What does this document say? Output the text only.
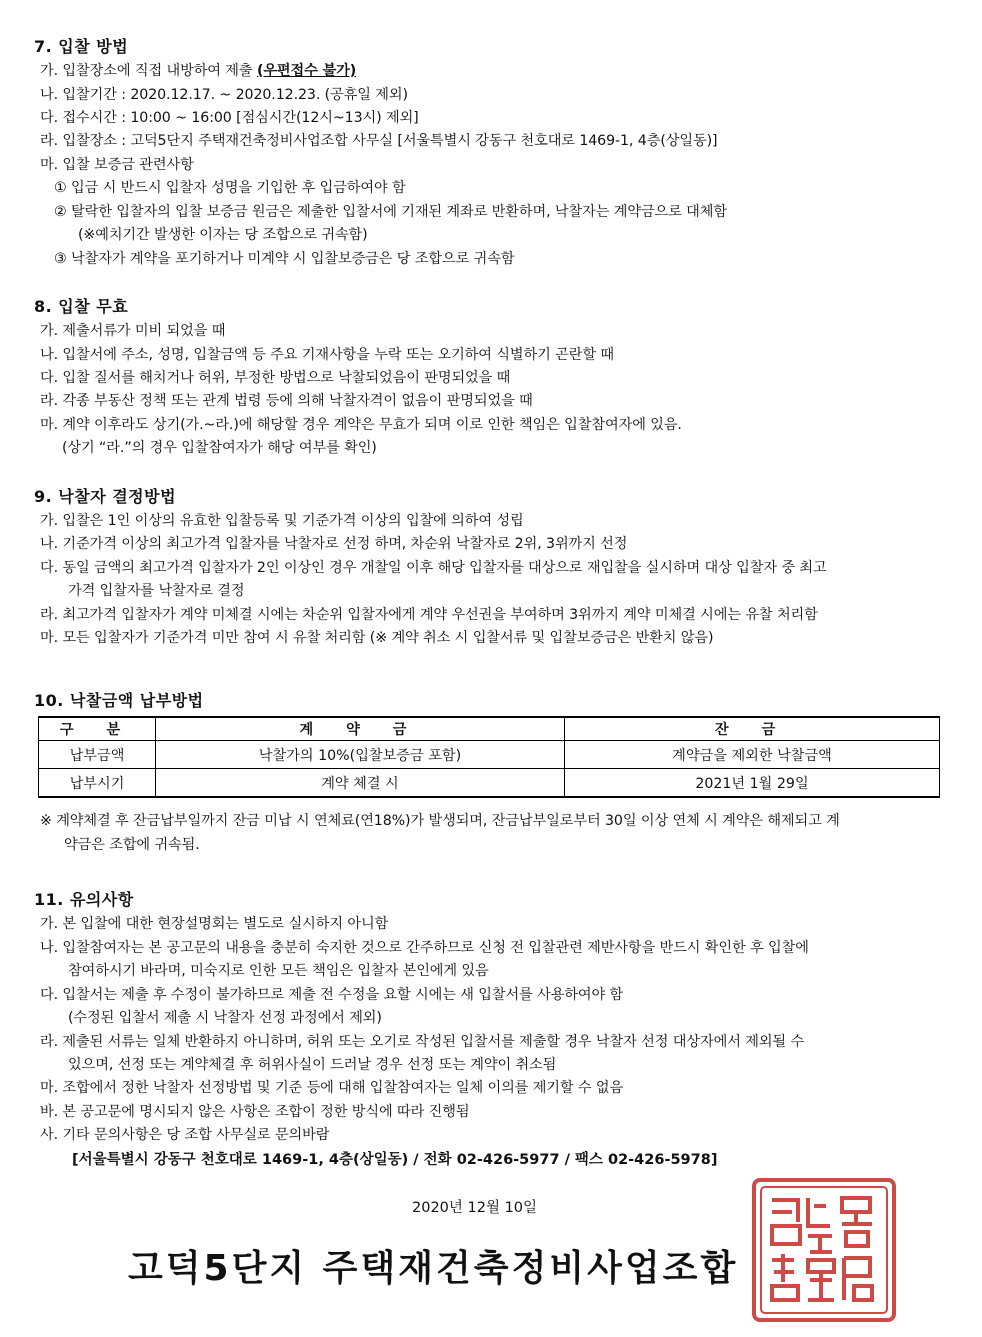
7. 입찰 방법
가. 입찰장소에 직접 내방하여 제출 (우편접수 불가)
나. 입찰기간 : 2020.12.17. ~ 2020.12.23. (공휴일 제외)
다. 접수시간 : 10:00 ~ 16:00 [점심시간(12시~13시) 제외]
라. 입찰장소 : 고덕5단지 주택재건축정비사업조합 사무실 [서울특별시 강동구 천호대로 1469-1, 4층(상일동)]
마. 입찰 보증금 관련사항
① 입금 시 반드시 입찰자 성명을 기입한 후 입금하여야 함
② 탈락한 입찰자의 입찰 보증금 원금은 제출한 입찰서에 기재된 계좌로 반환하며, 낙찰자는 계약금으로 대체함
(※예치기간 발생한 이자는 당 조합으로 귀속함)
③ 낙찰자가 계약을 포기하거나 미계약 시 입찰보증금은 당 조합으로 귀속함
8. 입찰 무효
가. 제출서류가 미비 되었을 때
나. 입찰서에 주소, 성명, 입찰금액 등 주요 기재사항을 누락 또는 오기하여 식별하기 곤란할 때
다. 입찰 질서를 해치거나 허위, 부정한 방법으로 낙찰되었음이 판명되었을 때
라. 각종 부동산 정책 또는 관계 법령 등에 의해 낙찰자격이 없음이 판명되었을 때
마. 계약 이후라도 상기(가.~라.)에 해당할 경우 계약은 무효가 되며 이로 인한 책임은 입찰참여자에 있음.
(상기 “라.”의 경우 입찰참여자가 해당 여부를 확인)
9. 낙찰자 결정방법
가. 입찰은 1인 이상의 유효한 입찰등록 및 기준가격 이상의 입찰에 의하여 성립
나. 기준가격 이상의 최고가격 입찰자를 낙찰자로 선정 하며, 차순위 낙찰자로 2위, 3위까지 선정
다. 동일 금액의 최고가격 입찰자가 2인 이상인 경우 개찰일 이후 해당 입찰자를 대상으로 재입찰을 실시하며 대상 입찰자 중 최고
가격 입찰자를 낙찰자로 결정
라. 최고가격 입찰자가 계약 미체결 시에는 차순위 입찰자에게 계약 우선권을 부여하며 3위까지 계약 미체결 시에는 유찰 처리함
마. 모든 입찰자가 기준가격 미만 참여 시 유찰 처리함 (※ 계약 취소 시 입찰서류 및 입찰보증금은 반환치 않음)
10. 낙찰금액 납부방법
구 분	계 약 금	잔 금
납부금액	낙찰가의 10%(입찰보증금 포함)	계약금을 제외한 낙찰금액
납부시기	계약 체결 시	2021년 1월 29일
※ 계약체결 후 잔금납부일까지 잔금 미납 시 연체료(연18%)가 발생되며, 잔금납부일로부터 30일 이상 연체 시 계약은 해제되고 계
약금은 조합에 귀속됨.
11. 유의사항
가. 본 입찰에 대한 현장설명회는 별도로 실시하지 아니함
나. 입찰참여자는 본 공고문의 내용을 충분히 숙지한 것으로 간주하므로 신청 전 입찰관련 제반사항을 반드시 확인한 후 입찰에
참여하시기 바라며, 미숙지로 인한 모든 책임은 입찰자 본인에게 있음
다. 입찰서는 제출 후 수정이 불가하므로 제출 전 수정을 요할 시에는 새 입찰서를 사용하여야 함
(수정된 입찰서 제출 시 낙찰자 선정 과정에서 제외)
라. 제출된 서류는 일체 반환하지 아니하며, 허위 또는 오기로 작성된 입찰서를 제출할 경우 낙찰자 선정 대상자에서 제외될 수
있으며, 선정 또는 계약체결 후 허위사실이 드러날 경우 선정 또는 계약이 취소됨
마. 조합에서 정한 낙찰자 선정방법 및 기준 등에 대해 입찰참여자는 일체 이의를 제기할 수 없음
바. 본 공고문에 명시되지 않은 사항은 조합이 정한 방식에 따라 진행됨
사. 기타 문의사항은 당 조합 사무실로 문의바람
[서울특별시 강동구 천호대로 1469-1, 4층(상일동) / 전화 02-426-5977 / 팩스 02-426-5978]
2020년 12월 10일
고덕5단지 주택재건축정비사업조합
